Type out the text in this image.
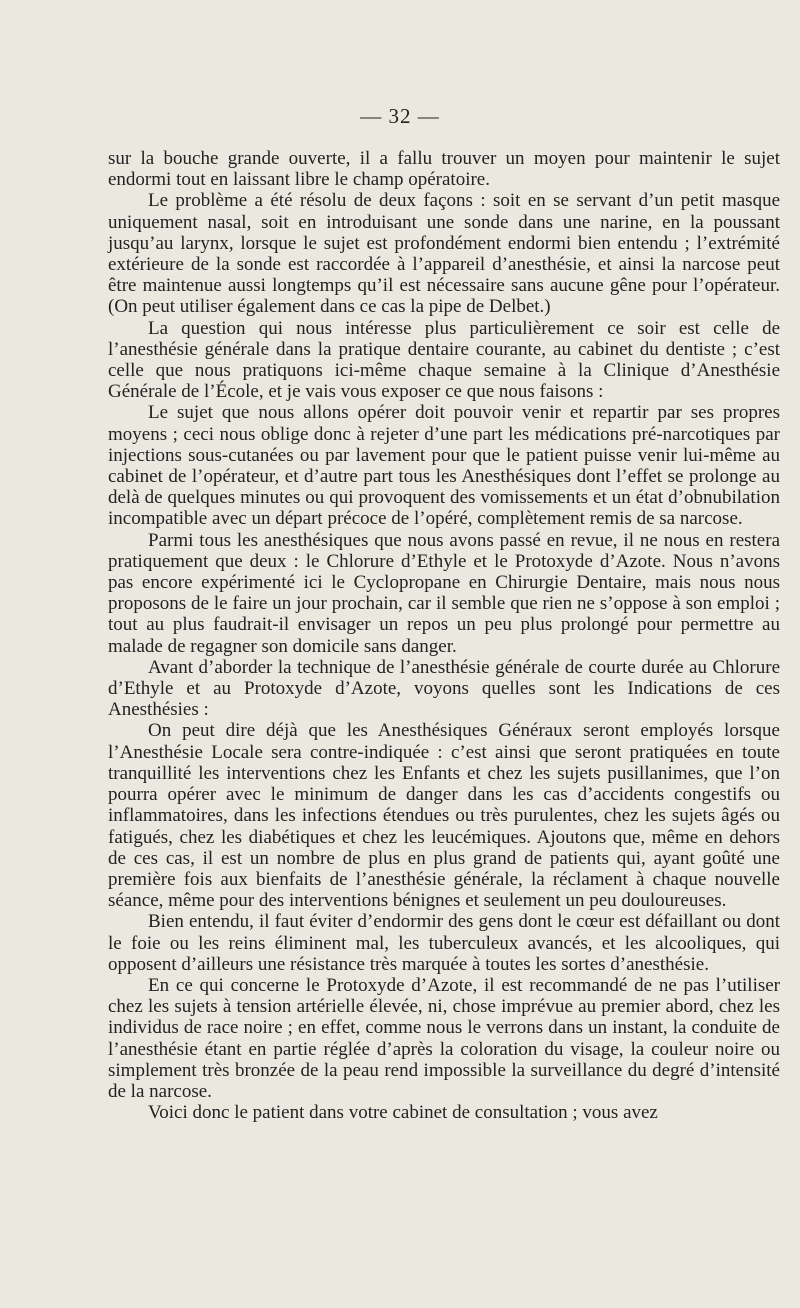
— 32 —

sur la bouche grande ouverte, il a fallu trouver un moyen pour maintenir le sujet endormi tout en laissant libre le champ opératoire.

Le problème a été résolu de deux façons : soit en se servant d’un petit masque uniquement nasal, soit en introduisant une sonde dans une narine, en la poussant jusqu’au larynx, lorsque le sujet est profondément endormi bien entendu ; l’extrémité extérieure de la sonde est raccordée à l’appareil d’anesthésie, et ainsi la narcose peut être maintenue aussi longtemps qu’il est nécessaire sans aucune gêne pour l’opérateur. (On peut utiliser également dans ce cas la pipe de Delbet.)

La question qui nous intéresse plus particulièrement ce soir est celle de l’anesthésie générale dans la pratique dentaire courante, au cabinet du dentiste ; c’est celle que nous pratiquons ici-même chaque semaine à la Clinique d’Anesthésie Générale de l’École, et je vais vous exposer ce que nous faisons :

Le sujet que nous allons opérer doit pouvoir venir et repartir par ses propres moyens ; ceci nous oblige donc à rejeter d’une part les médications pré-narcotiques par injections sous-cutanées ou par lavement pour que le patient puisse venir lui-même au cabinet de l’opérateur, et d’autre part tous les Anesthésiques dont l’effet se prolonge au delà de quelques minutes ou qui provoquent des vomissements et un état d’obnubilation incompatible avec un départ précoce de l’opéré, complètement remis de sa narcose.

Parmi tous les anesthésiques que nous avons passé en revue, il ne nous en restera pratiquement que deux : le Chlorure d’Ethyle et le Protoxyde d’Azote. Nous n’avons pas encore expérimenté ici le Cyclopropane en Chirurgie Dentaire, mais nous nous proposons de le faire un jour prochain, car il semble que rien ne s’oppose à son emploi ; tout au plus faudrait-il envisager un repos un peu plus prolongé pour permettre au malade de regagner son domicile sans danger.

Avant d’aborder la technique de l’anesthésie générale de courte durée au Chlorure d’Ethyle et au Protoxyde d’Azote, voyons quelles sont les Indications de ces Anesthésies :

On peut dire déjà que les Anesthésiques Généraux seront employés lorsque l’Anesthésie Locale sera contre-indiquée : c’est ainsi que seront pratiquées en toute tranquillité les interventions chez les Enfants et chez les sujets pusillanimes, que l’on pourra opérer avec le minimum de danger dans les cas d’accidents congestifs ou inflammatoires, dans les infections étendues ou très purulentes, chez les sujets âgés ou fatigués, chez les diabétiques et chez les leucémiques. Ajoutons que, même en dehors de ces cas, il est un nombre de plus en plus grand de patients qui, ayant goûté une première fois aux bienfaits de l’anesthésie générale, la réclament à chaque nouvelle séance, même pour des interventions bénignes et seulement un peu douloureuses.

Bien entendu, il faut éviter d’endormir des gens dont le cœur est défaillant ou dont le foie ou les reins éliminent mal, les tuberculeux avancés, et les alcooliques, qui opposent d’ailleurs une résistance très marquée à toutes les sortes d’anesthésie.

En ce qui concerne le Protoxyde d’Azote, il est recommandé de ne pas l’utiliser chez les sujets à tension artérielle élevée, ni, chose imprévue au premier abord, chez les individus de race noire ; en effet, comme nous le verrons dans un instant, la conduite de l’anesthésie étant en partie réglée d’après la coloration du visage, la couleur noire ou simplement très bronzée de la peau rend impossible la surveillance du degré d’intensité de la narcose.

Voici donc le patient dans votre cabinet de consultation ; vous avez
